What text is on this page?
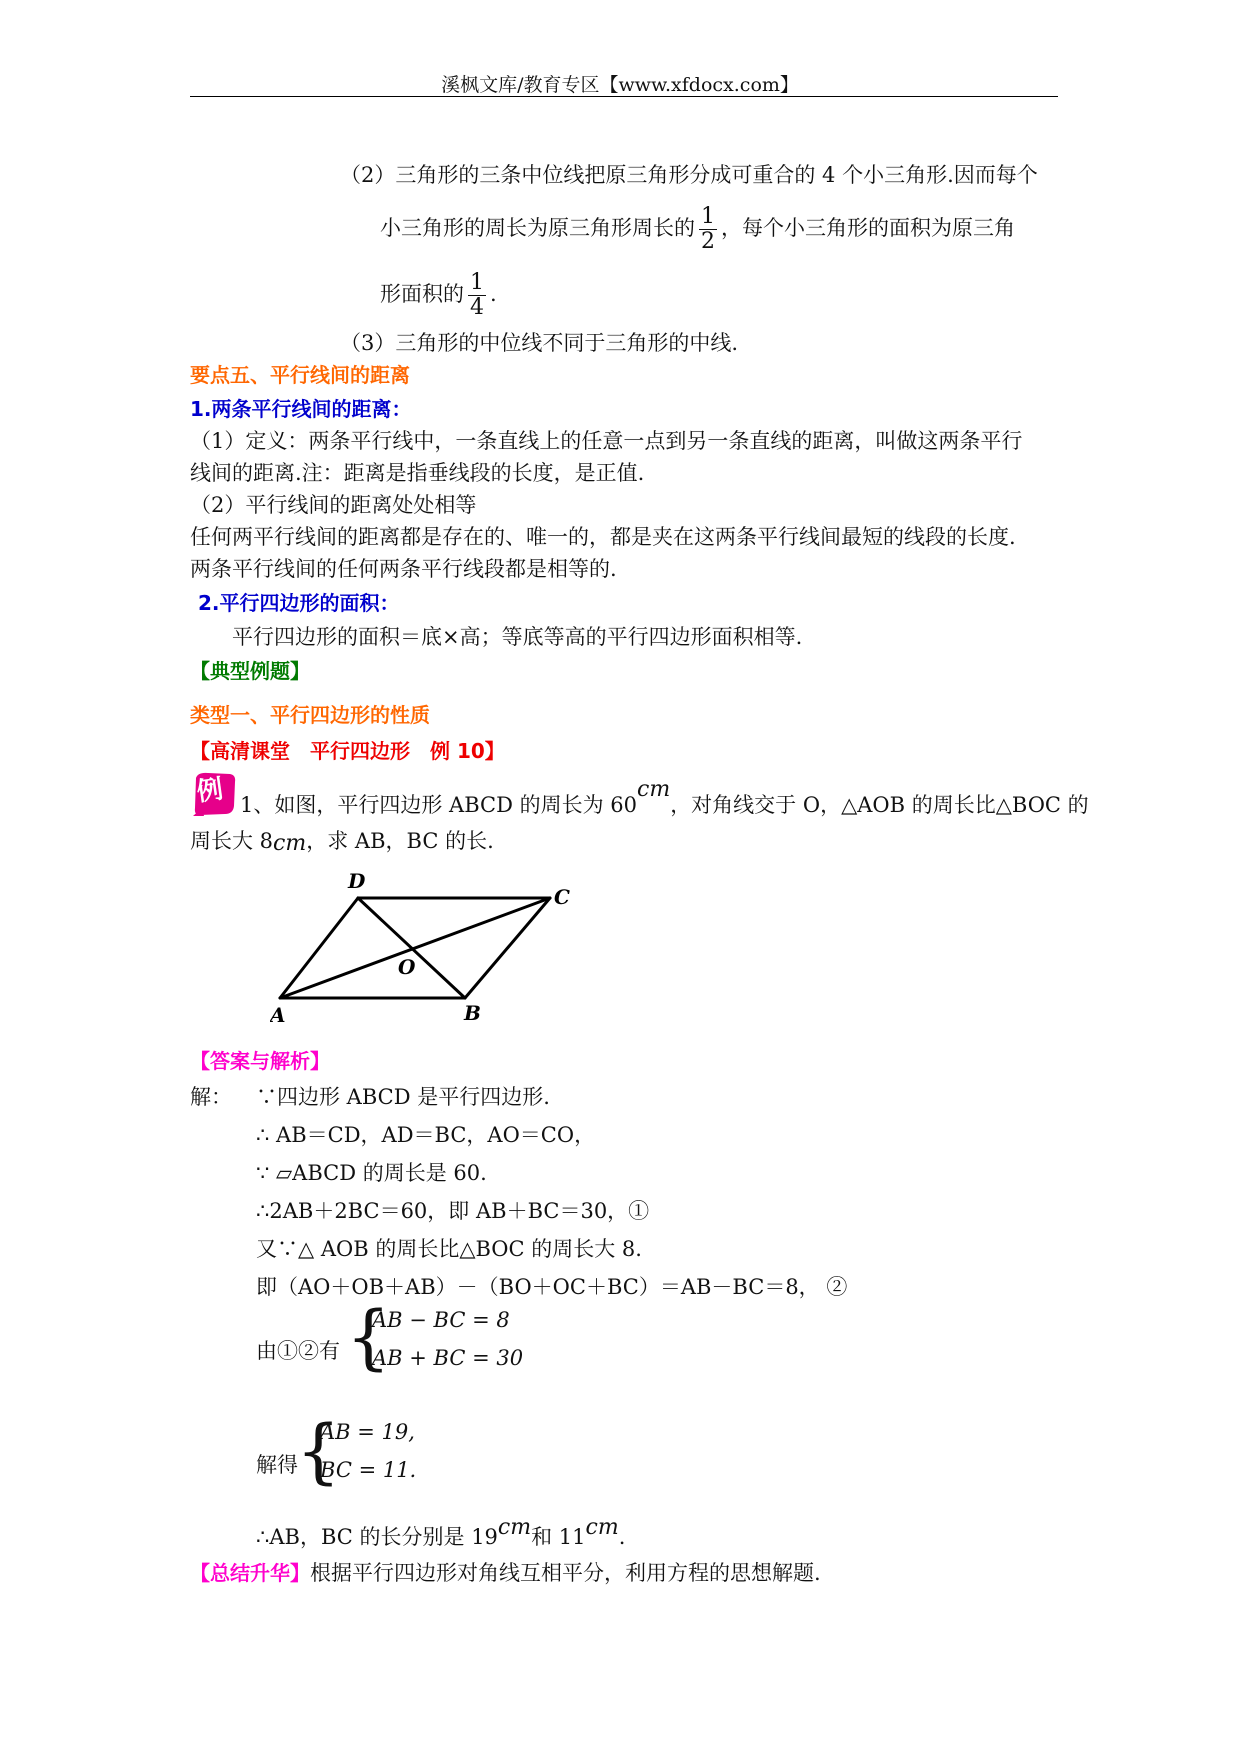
溪枫文库/教育专区【www.xfdocx.com】
（2）三角形的三条中位线把原三角形分成可重合的 4 个小三角形.因而每个
小三角形的周长为原三角形周长的 $\frac{1}{2}$ ，每个小三角形的面积为原三角
形面积的 $\frac{1}{4}$ .
（3）三角形的中位线不同于三角形的中线.
要点五、平行线间的距离
1.两条平行线间的距离：
（1）定义：两条平行线中，一条直线上的任意一点到另一条直线的距离，叫做这两条平行
线间的距离.注：距离是指垂线段的长度，是正值.
（2）平行线间的距离处处相等
任何两平行线间的距离都是存在的、唯一的，都是夹在这两条平行线间最短的线段的长度.
两条平行线间的任何两条平行线段都是相等的.
2.平行四边形的面积：
平行四边形的面积＝底×高；等底等高的平行四边形面积相等.
【典型例题】
类型一、平行四边形的性质
【高清课堂　平行四边形　例 10】
例 1、如图，平行四边形 ABCD 的周长为 60cm，对角线交于 O，△AOB 的周长比△BOC 的
周长大 8cm，求 AB，BC 的长.
A	B
C
D
O
【答案与解析】
解： ∵四边形 ABCD 是平行四边形.
∴ AB＝CD，AD＝BC，AO＝CO，
∵ ▱ABCD 的周长是 60.
∴2AB＋2BC＝60，即 AB＋BC＝30，①
又∵△ AOB 的周长比△BOC 的周长大 8.
即（AO＋OB＋AB）－（BO＋OC＋BC）＝AB－BC＝8， ②
由①②有 {
AB − BC = 8
AB + BC = 30
解得
{
AB = 19,
BC = 11.
∴AB，BC 的长分别是 19cm和 11cm.
【总结升华】根据平行四边形对角线互相平分，利用方程的思想解题.
